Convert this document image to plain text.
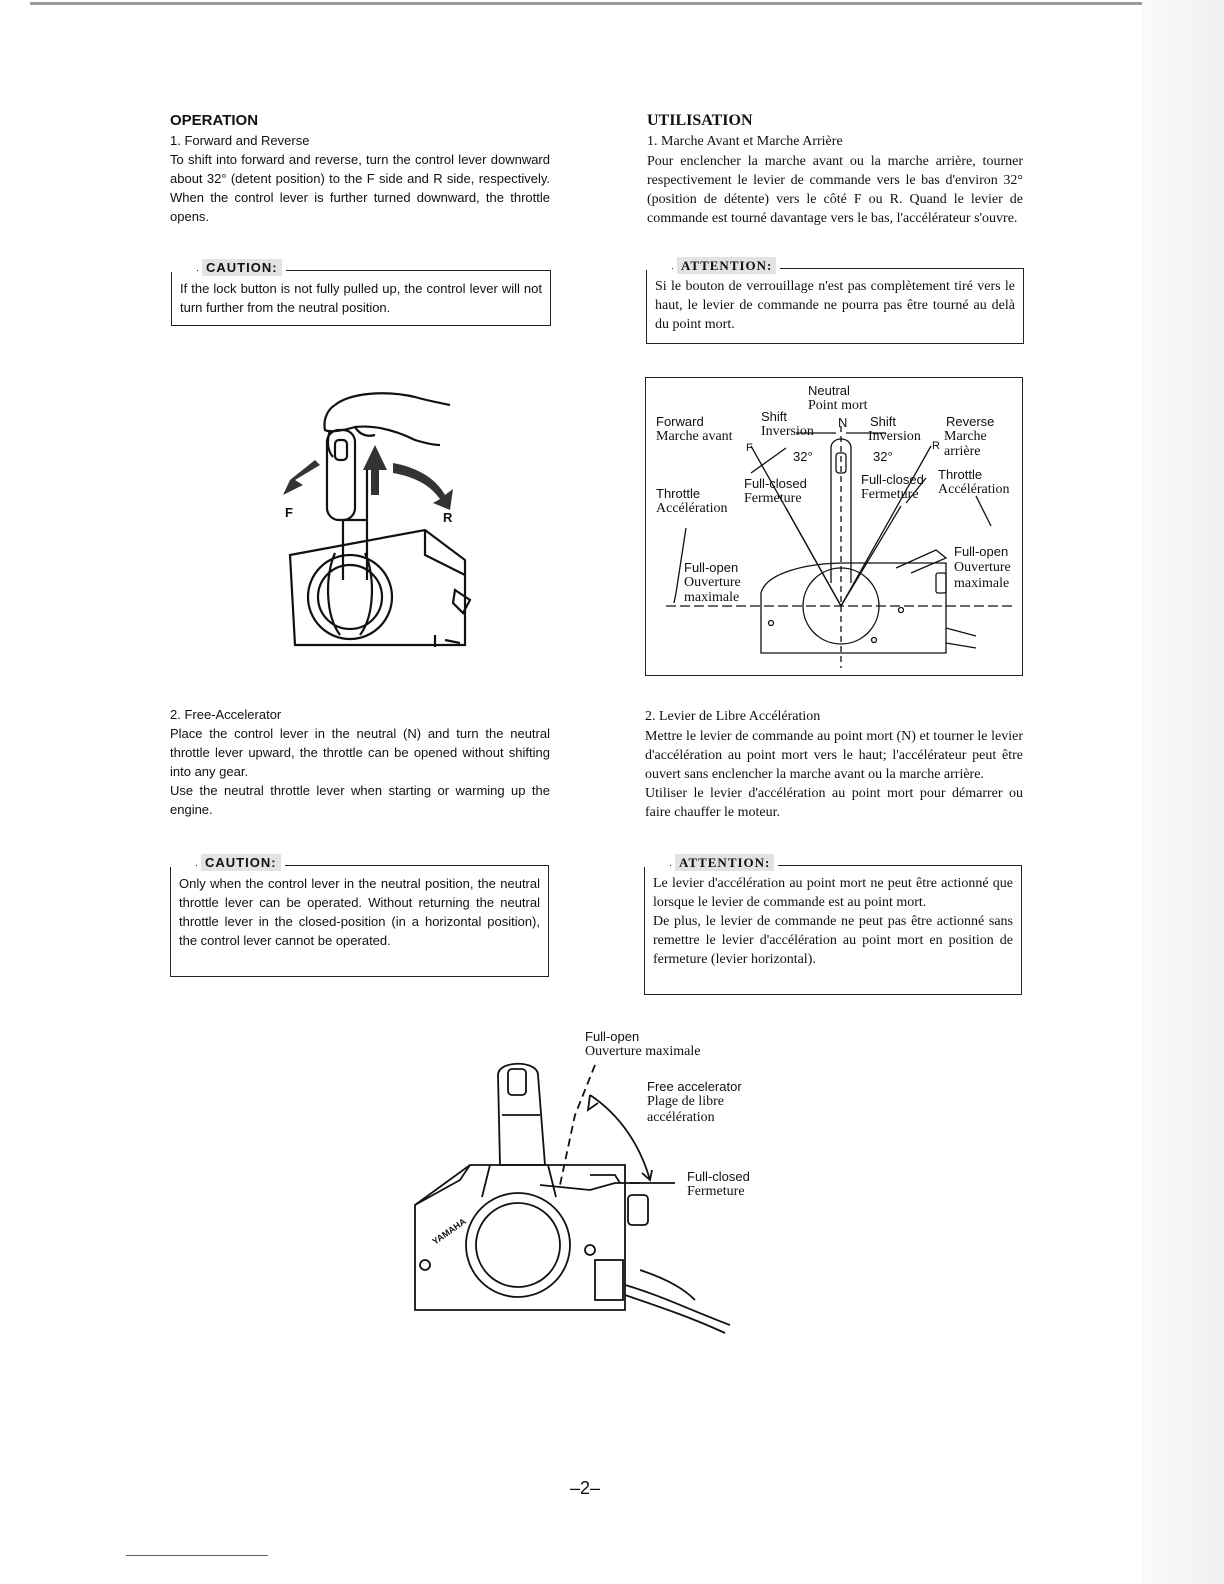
OPERATION

1. Forward and Reverse

To shift into forward and reverse, turn the control lever downward about 32° (detent position) to the F side and R side, respectively. When the control lever is further turned downward, the throttle opens.

CAUTION:
If the lock button is not fully pulled up, the control lever will not turn further from the neutral position.
F	R

2. Free-Accelerator

Place the control lever in the neutral (N) and turn the neutral throttle lever upward, the throttle can be opened without shifting into any gear.

Use the neutral throttle lever when starting or warming up the engine.

CAUTION:
Only when the control lever in the neutral position, the neutral throttle lever can be operated. Without returning the neutral throttle lever in the closed-position (in a horizontal position), the control lever cannot be operated.

UTILISATION

1. Marche Avant et Marche Arrière

Pour enclencher la marche avant ou la marche arrière, tourner respectivement le levier de commande vers le bas d'environ 32° (position de détente) vers le côté F ou R. Quand le levier de commande est tourné davantage vers le bas, l'accélérateur s'ouvre.

ATTENTION:
Si le bouton de verrouillage n'est pas complètement tiré vers le haut, le levier de commande ne pourra pas être tourné au delà du point mort.
Neutral
Point mort
Shift
Inversion
N Shift
Inversion
Forward
Marche avant
Reverse
Marche
arrière
F	R
32°	32°
Full-closed
Fermeture
Full-closed
Fermeture
Throttle
Accélération
Throttle
Accélération
Full-open
Ouverture
maximale
Full-open
Ouverture
maximale

2. Levier de Libre Accélération

Mettre le levier de commande au point mort (N) et tourner le levier d'accélération au point mort vers le haut; l'accélérateur peut être ouvert sans enclencher la marche avant ou la marche arrière.

Utiliser le levier d'accélération au point mort pour démarrer ou faire chauffer le moteur.

ATTENTION:
Le levier d'accélération au point mort ne peut être actionné que lorsque le levier de commande est au point mort.
De plus, le levier de commande ne peut pas être actionné sans remettre le levier d'accélération au point mort en position de fermeture (levier horizontal).
YAMAHA
Full-open
Ouverture maximale
Free accelerator
Plage de libre
accélération
Full-closed
Fermeture
–2–
